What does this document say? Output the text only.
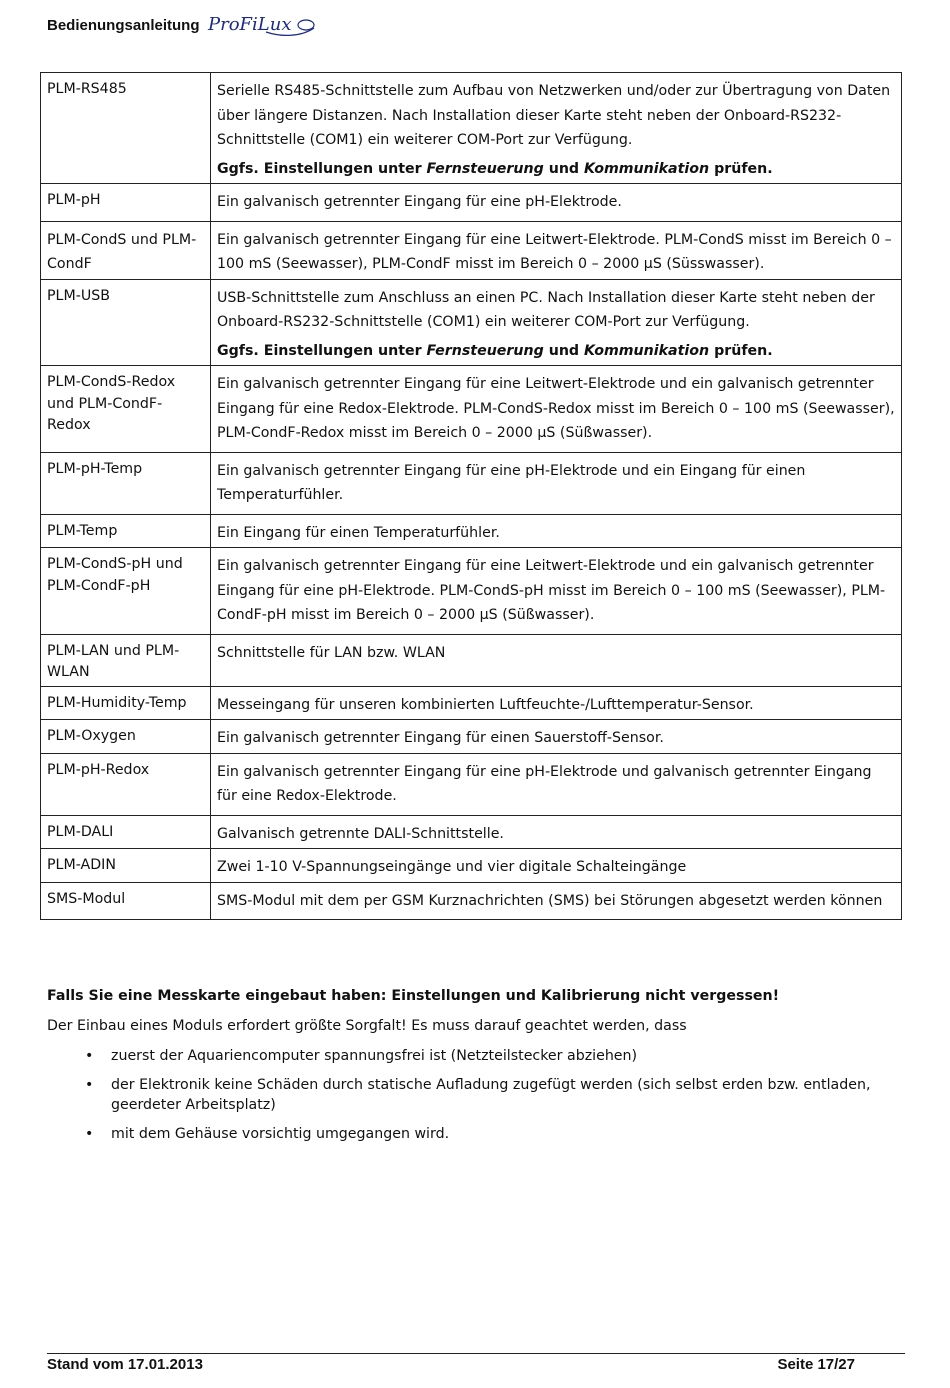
Bedienungsanleitung ProFiLux
PLM-RS485	Serielle RS485-Schnittstelle zum Aufbau von Netzwerken und/oder zur Übertragung von Daten über längere Distanzen. Nach Installation dieser Karte steht neben der Onboard-RS232-Schnittstelle (COM1) ein weiterer COM-Port zur Verfügung.

Ggfs. Einstellungen unter Fernsteuerung und Kommunikation prüfen.

PLM-pH	Ein galvanisch getrennter Eingang für eine pH-Elektrode.

PLM-CondS und PLM-CondF	Ein galvanisch getrennter Eingang für eine Leitwert-Elektrode. PLM-CondS misst im Bereich 0 – 100 mS (Seewasser), PLM-CondF misst im Bereich 0 – 2000 µS (Süsswasser).

PLM-USB	USB-Schnittstelle zum Anschluss an einen PC. Nach Installation dieser Karte steht neben der Onboard-RS232-Schnittstelle (COM1) ein weiterer COM-Port zur Verfügung.

Ggfs. Einstellungen unter Fernsteuerung und Kommunikation prüfen.

PLM-CondS-Redox und PLM-CondF-Redox	Ein galvanisch getrennter Eingang für eine Leitwert-Elektrode und ein galvanisch getrennter Eingang für eine Redox-Elektrode. PLM-CondS-Redox misst im Bereich 0 – 100 mS (Seewasser), PLM-CondF-Redox misst im Bereich 0 – 2000 µS (Süßwasser).

PLM-pH-Temp	Ein galvanisch getrennter Eingang für eine pH-Elektrode und ein Eingang für einen Temperaturfühler.

PLM-Temp	Ein Eingang für einen Temperaturfühler.

PLM-CondS-pH und PLM-CondF-pH	Ein galvanisch getrennter Eingang für eine Leitwert-Elektrode und ein galvanisch getrennter Eingang für eine pH-Elektrode. PLM-CondS-pH misst im Bereich 0 – 100 mS (Seewasser), PLM-CondF-pH misst im Bereich 0 – 2000 µS (Süßwasser).

PLM-LAN und PLM-WLAN	Schnittstelle für LAN bzw. WLAN

PLM-Humidity-Temp	Messeingang für unseren kombinierten Luftfeuchte-/Lufttemperatur-Sensor.

PLM-Oxygen	Ein galvanisch getrennter Eingang für einen Sauerstoff-Sensor.

PLM-pH-Redox	Ein galvanisch getrennter Eingang für eine pH-Elektrode und galvanisch getrennter Eingang für eine Redox-Elektrode.

PLM-DALI	Galvanisch getrennte DALI-Schnittstelle.

PLM-ADIN	Zwei 1-10 V-Spannungseingänge und vier digitale Schalteingänge

SMS-Modul	SMS-Modul mit dem per GSM Kurznachrichten (SMS) bei Störungen abgesetzt werden können

Falls Sie eine Messkarte eingebaut haben: Einstellungen und Kalibrierung nicht vergessen!

Der Einbau eines Moduls erfordert größte Sorgfalt! Es muss darauf geachtet werden, dass

• zuerst der Aquariencomputer spannungsfrei ist (Netzteilstecker abziehen)
• der Elektronik keine Schäden durch statische Aufladung zugefügt werden (sich selbst erden bzw. entladen, geerdeter Arbeitsplatz)
• mit dem Gehäuse vorsichtig umgegangen wird.
Stand vom 17.01.2013	Seite 17/27
